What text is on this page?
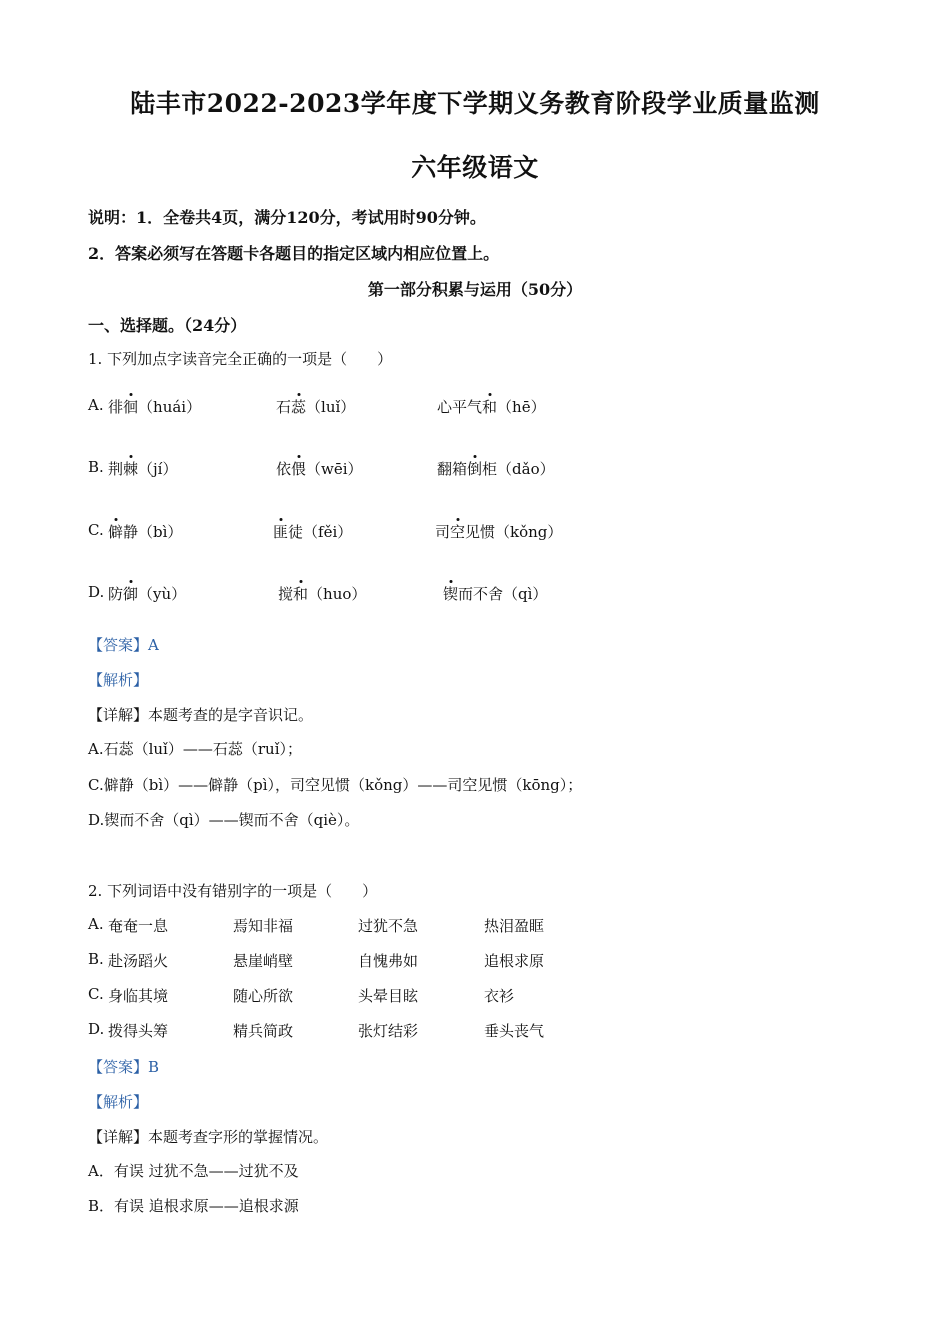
陆丰市2022-2023学年度下学期义务教育阶段学业质量监测
六年级语文
说明：1．全卷共4页，满分120分，考试用时90分钟。
2．答案必须写在答题卡各题目的指定区域内相应位置上。
第一部分积累与运用（50分）
一、选择题。（24分）
1. 下列加点字读音完全正确的一项是（　　）
A. 徘徊（huái）	石蕊（luǐ）	心平气和（hē）
B. 荆棘（jí）	依偎（wēi）	翻箱倒柜（dǎo）
C. 僻静（bì）	匪徒（fěi）	司空见惯（kǒng）
D. 防御（yù）	搅和（huo）	锲而不舍（qì）
【答案】A
【解析】
【详解】本题考查的是字音识记。
A.石蕊（luǐ）——石蕊（ruǐ）；
C.僻静（bì）——僻静（pì），司空见惯（kǒng）——司空见惯（kōng）；
D.锲而不舍（qì）——锲而不舍（qiè）。
2. 下列词语中没有错别字的一项是（　　）
A. 奄奄一息	焉知非福	过犹不急	热泪盈眶
B. 赴汤蹈火	悬崖峭壁	自愧弗如	追根求原
C. 身临其境	随心所欲	头晕目眩	衣衫
D. 拨得头筹	精兵简政	张灯结彩	垂头丧气
【答案】B
【解析】
【详解】本题考查字形的掌握情况。
A．有误 过犹不急——过犹不及
B．有误 追根求原——追根求源
